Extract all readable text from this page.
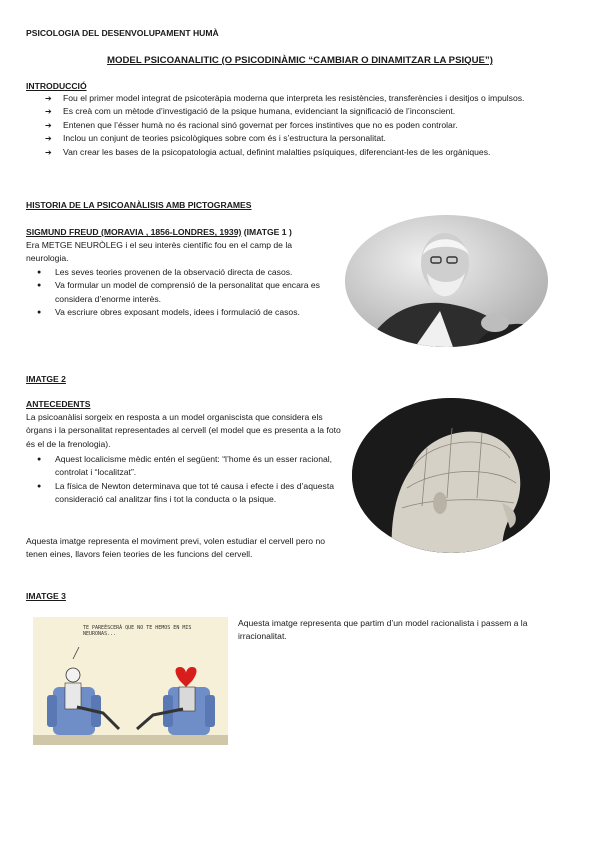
PSICOLOGIA DEL DESENVOLUPAMENT HUMÀ
MODEL PSICOANALITIC (O PSICODINÀMIC “CAMBIAR O DINAMITZAR LA PSIQUE”)
INTRODUCCIÓ
➔ Fou el primer model integrat de psicoteràpia moderna que interpreta les resistències, transferències i desitjos o impulsos.
➔ Es creà com un mètode d’investigació de la psique humana, evidenciant la significació de l’inconscient.
➔ Entenen que l’ésser humà no és racional sinó governat per forces instintives que no es poden controlar.
➔ Inclou un conjunt de teories psicològiques sobre com és i s’estructura la personalitat.
➔ Van crear les bases de la psicopatologia actual, definint malalties psíquiques, diferenciant-les de les orgàniques.
HISTORIA DE LA PSICOANÀLISIS AMB PICTOGRAMES
SIGMUND FREUD (MORAVIA , 1856-LONDRES, 1939) (IMATGE 1 )
Era METGE NEURÒLEG i el seu interès científic fou en el camp de la neurologia.
● Les seves teories provenen de la observació directa de casos.
● Va formular un model de comprensió de la personalitat que encara es considera d’enorme interès.
● Va escriure obres exposant models, idees i formulació de casos.
IMATGE 2
ANTECEDENTS
La psicoanàlisi sorgeix en resposta a un model organiscista que considera els òrgans i la personalitat representades al cervell (el model que es presenta a la foto és el de la frenologia).
● Aquest localicisme mèdic entén el següent: “l’home és un esser racional, controlat i “localitzat”.
● La física de Newton determinava que tot té causa i efecte i des d’aquesta consideració cal analitzar fins i tot la conducta o la psique.
Aquesta imatge representa el moviment previ, volen estudiar el cervell pero no tenen eines, llavors feien teories de les funcions del cervell.
IMATGE 3
Aquesta imatge representa que partim d’un model racionalista i passem a la irracionalitat.
TE PAREÉSCERÁ QUE NO TE HEMOS EN MIS NEURONAS...
